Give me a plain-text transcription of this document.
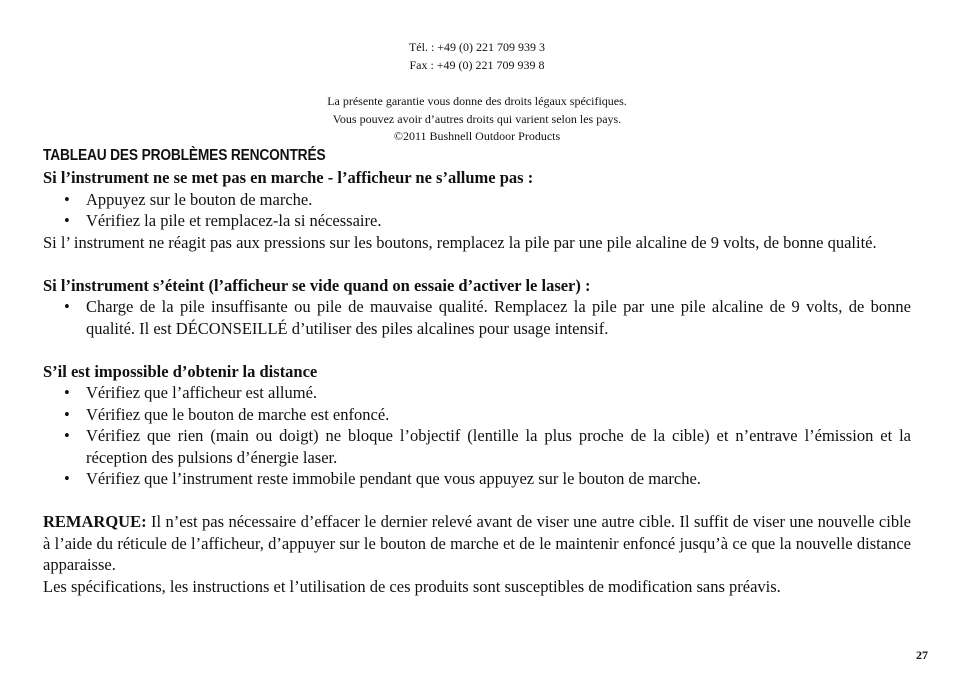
Tél. : +49 (0) 221 709 939 3
Fax : +49 (0) 221 709 939 8
La présente garantie vous donne des droits légaux spécifiques.
Vous pouvez avoir d’autres droits qui varient selon les pays.
©2011 Bushnell Outdoor Products
TABLEAU DES PROBLÈMES RENCONTRÉS
Si l’instrument ne se met pas en marche - l’afficheur ne s’allume pas :
• Appuyez sur le bouton de marche.
• Vérifiez la pile et remplacez-la si nécessaire.
Si l’ instrument ne réagit pas aux pressions sur les boutons, remplacez la pile par une pile alcaline de 9 volts, de bonne qualité.
Si l’instrument s’éteint (l’afficheur se vide quand on essaie d’activer le laser) :
• Charge de la pile insuffisante ou pile de mauvaise qualité. Remplacez la pile par une pile alcaline de 9 volts, de bonne qualité. Il est DÉCONSEILLÉ d’utiliser des piles alcalines pour usage intensif.
S’il est impossible d’obtenir la distance
• Vérifiez que l’afficheur est allumé.
• Vérifiez que le bouton de marche est enfoncé.
• Vérifiez que rien (main ou doigt) ne bloque l’objectif (lentille la plus proche de la cible) et n’entrave l’émission et la réception des pulsions d’énergie laser.
• Vérifiez que l’instrument reste immobile pendant que vous appuyez sur le bouton de marche.
REMARQUE: Il n’est pas nécessaire d’effacer le dernier relevé avant de viser une autre cible. Il suffit de viser une nouvelle cible à l’aide du réticule de l’afficheur, d’appuyer sur le bouton de marche et de le maintenir enfoncé jusqu’à ce que la nouvelle distance apparaisse.
Les spécifications, les instructions et l’utilisation de ces produits sont susceptibles de modification sans préavis.
27
